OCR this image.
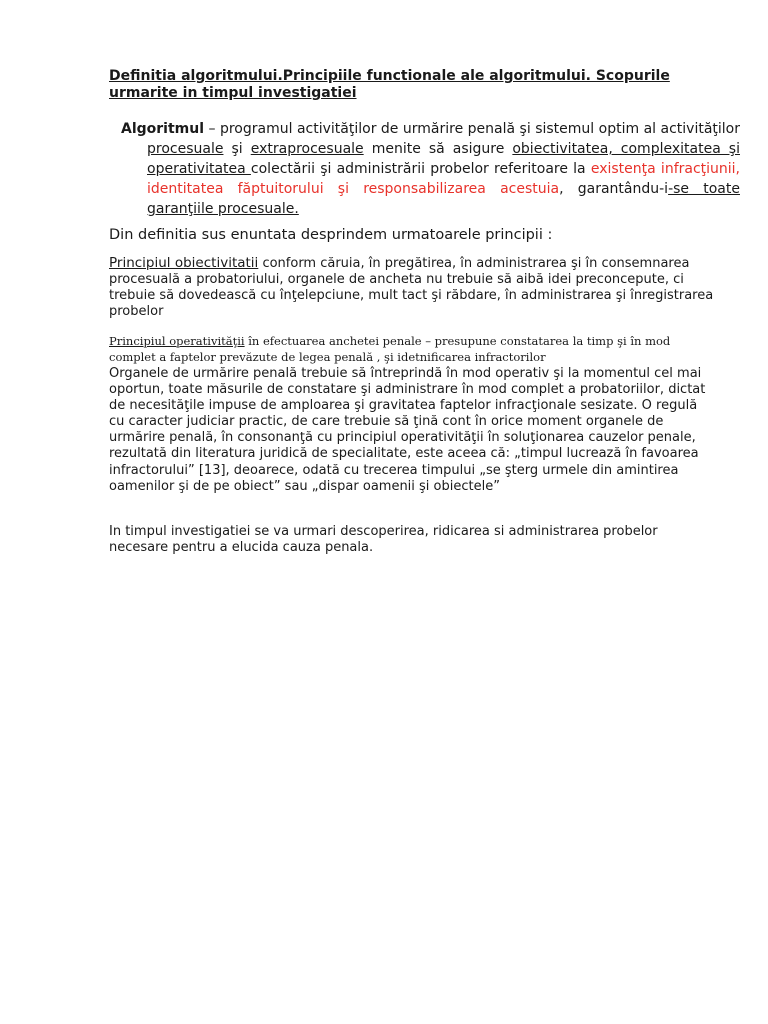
Definitia algoritmului.Principiile functionale ale algoritmului. Scopurile urmarite in timpul investigatiei

Algoritmul – programul activităţilor de urmărire penală şi sistemul optim al activităţilor procesuale şi extraprocesuale menite să asigure obiectivitatea, complexitatea şi operativitatea colectării şi administrării probelor referitoare la existenţa infracţiunii, identitatea făptuitorului şi responsabilizarea acestuia, garantându-i-se toate garanţiile procesuale.

Din definitia sus enuntata desprindem urmatoarele principii :

Principiul obiectivitatii conform căruia, în pregătirea, în administrarea şi în consemnarea procesuală a probatoriului, organele de ancheta nu trebuie să aibă idei preconcepute, ci trebuie să dovedească cu înţelepciune, mult tact şi răbdare, în administrarea şi înregistrarea probelor

Principiul operativităţii în efectuarea anchetei penale – presupune constatarea la timp şi în mod complet a faptelor prevăzute de legea penală , şi idetnificarea infractorilor

Organele de urmărire penală trebuie să întreprindă în mod operativ şi la momentul cel mai oportun, toate măsurile de constatare şi administrare în mod complet a probatoriilor, dictat de necesităţile impuse de amploarea şi gravitatea faptelor infracţionale sesizate. O regulă cu caracter judiciar practic, de care trebuie să ţină cont în orice moment organele de urmărire penală, în consonanţă cu principiul operativităţii în soluţionarea cauzelor penale, rezultată din literatura juridică de specialitate, este aceea că: „timpul lucrează în favoarea infractorului” [13], deoarece, odată cu trecerea timpului „se şterg urmele din amintirea oamenilor şi de pe obiect” sau „dispar oamenii şi obiectele”

In timpul investigatiei se va urmari descoperirea, ridicarea si administrarea probelor necesare pentru a elucida cauza penala.
